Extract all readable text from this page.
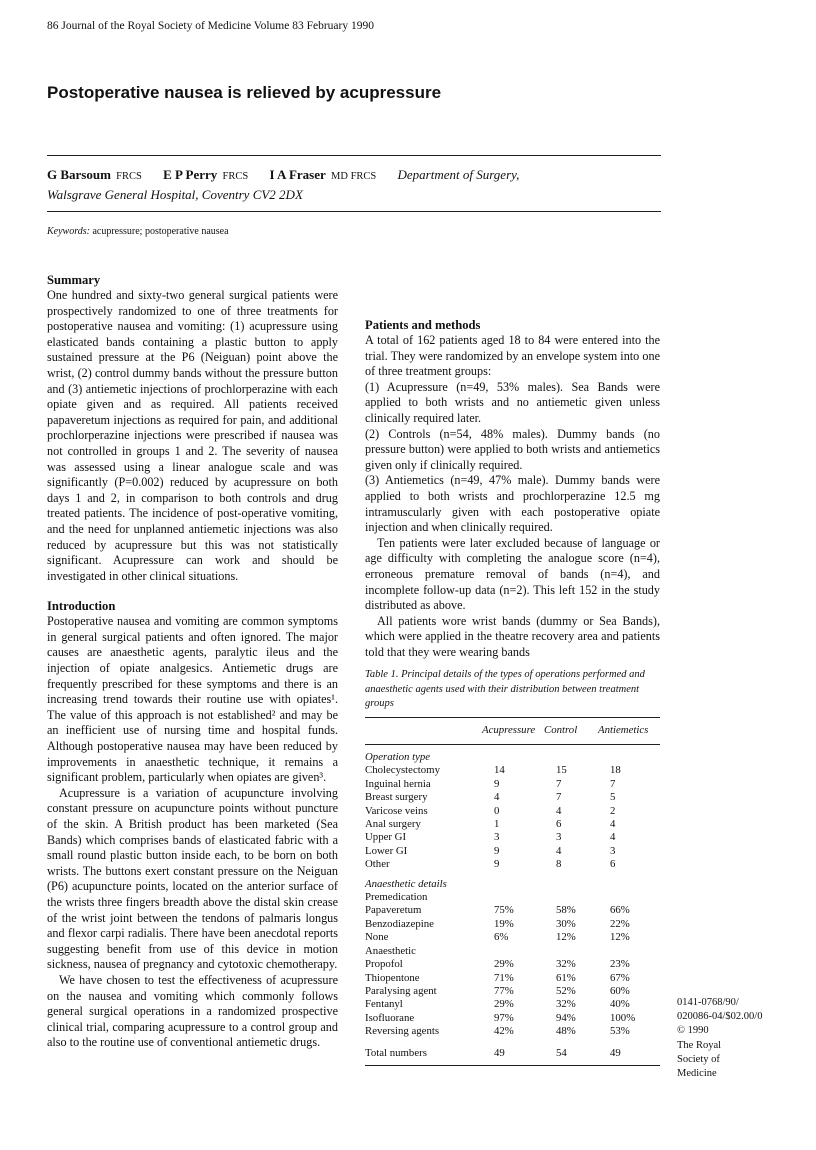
86 Journal of the Royal Society of Medicine Volume 83 February 1990
Postoperative nausea is relieved by acupressure
G Barsoum FRCS E P Perry FRCS I A Fraser MD FRCS Department of Surgery,
Walsgrave General Hospital, Coventry CV2 2DX
Keywords: acupressure; postoperative nausea
Summary

One hundred and sixty-two general surgical patients were prospectively randomized to one of three treatments for postoperative nausea and vomiting: (1) acupressure using elasticated bands containing a plastic button to apply sustained pressure at the P6 (Neiguan) point above the wrist, (2) control dummy bands without the pressure button and (3) antiemetic injections of prochlorperazine with each opiate given and as required. All patients received papaveretum injections as required for pain, and additional prochlorperazine injections were prescribed if nausea was not controlled in groups 1 and 2. The severity of nausea was assessed using a linear analogue scale and was significantly (P=0.002) reduced by acupressure on both days 1 and 2, in comparison to both controls and drug treated patients. The incidence of post-operative vomiting, and the need for unplanned antiemetic injections was also reduced by acupressure but this was not statistically significant. Acupressure can work and should be investigated in other clinical situations.

Introduction

Postoperative nausea and vomiting are common symptoms in general surgical patients and often ignored. The major causes are anaesthetic agents, paralytic ileus and the injection of opiate analgesics. Antiemetic drugs are frequently prescribed for these symptoms and there is an increasing trend towards their routine use with opiates¹. The value of this approach is not established² and may be an inefficient use of nursing time and hospital funds. Although postoperative nausea may have been reduced by improvements in anaesthetic technique, it remains a significant problem, particularly when opiates are given³.

Acupressure is a variation of acupuncture involving constant pressure on acupuncture points without puncture of the skin. A British product has been marketed (Sea Bands) which comprises bands of elasticated fabric with a small round plastic button inside each, to be born on both wrists. The buttons exert constant pressure on the Neiguan (P6) acupuncture points, located on the anterior surface of the wrists three fingers breadth above the distal skin crease of the wrist joint between the tendons of palmaris longus and flexor carpi radialis. There have been anecdotal reports suggesting benefit from use of this device in motion sickness, nausea of pregnancy and cytotoxic chemotherapy.

We have chosen to test the effectiveness of acupressure on the nausea and vomiting which commonly follows general surgical operations in a randomized prospective clinical trial, comparing acupressure to a control group and also to the routine use of conventional antiemetic drugs.

Patients and methods

A total of 162 patients aged 18 to 84 were entered into the trial. They were randomized by an envelope system into one of three treatment groups:

(1) Acupressure (n=49, 53% males). Sea Bands were applied to both wrists and no antiemetic given unless clinically required later.

(2) Controls (n=54, 48% males). Dummy bands (no pressure button) were applied to both wrists and antiemetics given only if clinically required.

(3) Antiemetics (n=49, 47% male). Dummy bands were applied to both wrists and prochlorperazine 12.5 mg intramuscularly given with each postoperative opiate injection and when clinically required.

Ten patients were later excluded because of language or age difficulty with completing the analogue score (n=4), erroneous premature removal of bands (n=4), and incomplete follow-up data (n=2). This left 152 in the study distributed as above.

All patients wore wrist bands (dummy or Sea Bands), which were applied in the theatre recovery area and patients told that they were wearing bands

Table 1. Principal details of the types of operations performed and anaesthetic agents used with their distribution between treatment groups
	Acupressure	Control	Antiemetics

Operation type			
Cholecystectomy	14	15	18
Inguinal hernia	9	7	7
Breast surgery	4	7	5
Varicose veins	0	4	2
Anal surgery	1	6	4
Upper GI	3	3	4
Lower GI	9	4	3
Other	9	8	6

Anaesthetic details			
Premedication			
Papaveretum	75%	58%	66%
Benzodiazepine	19%	30%	22%
None	6%	12%	12%
Anaesthetic			
Propofol	29%	32%	23%
Thiopentone	71%	61%	67%
Paralysing agent	77%	52%	60%
Fentanyl	29%	32%	40%
Isofluorane	97%	94%	100%
Reversing agents	42%	48%	53%

Total numbers	49	54	49
0141-0768/90/
020086-04/$02.00/0
© 1990
The Royal
Society of
Medicine
